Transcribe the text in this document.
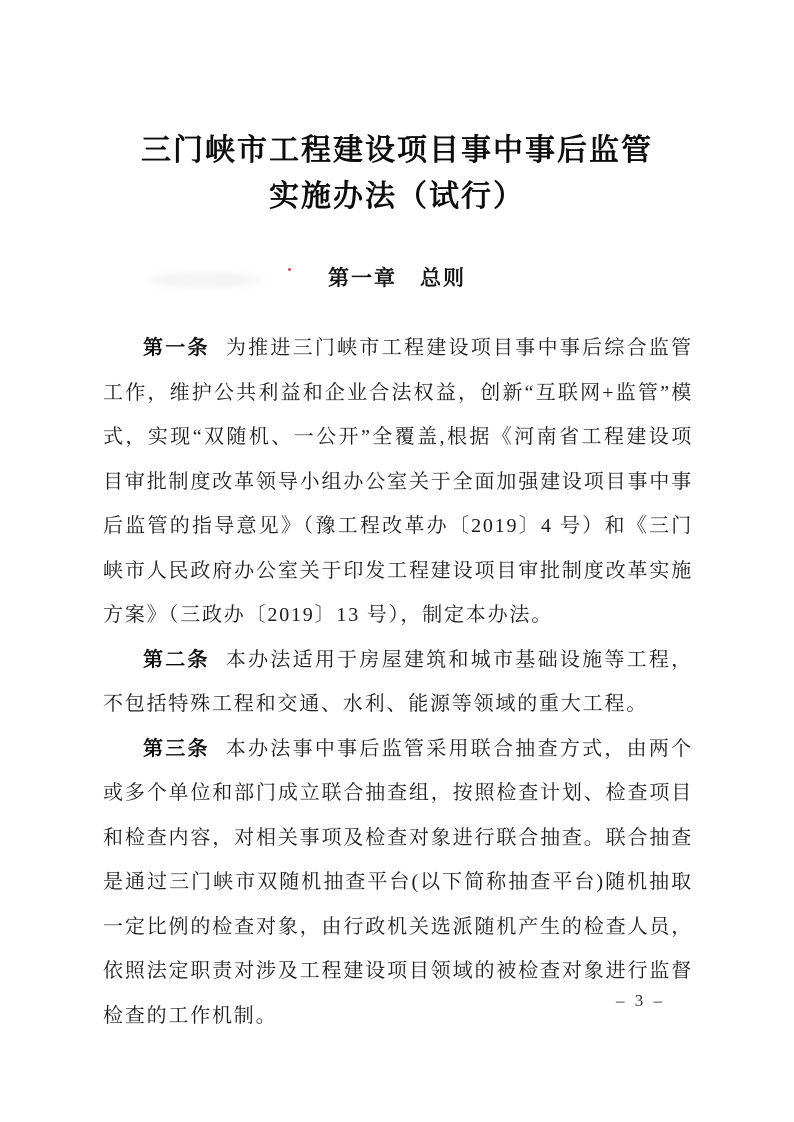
三门峡市工程建设项目事中事后监管
实施办法（试行）
第一章　总则

第一条 为推进三门峡市工程建设项目事中事后综合监管工作，维护公共利益和企业合法权益，创新“互联网+监管”模式，实现“双随机、一公开”全覆盖,根据《河南省工程建设项目审批制度改革领导小组办公室关于全面加强建设项目事中事后监管的指导意见》（豫工程改革办〔2019〕4 号）和《三门峡市人民政府办公室关于印发工程建设项目审批制度改革实施方案》（三政办〔2019〕13 号），制定本办法。

第二条 本办法适用于房屋建筑和城市基础设施等工程，不包括特殊工程和交通、水利、能源等领域的重大工程。

第三条 本办法事中事后监管采用联合抽查方式，由两个或多个单位和部门成立联合抽查组，按照检查计划、检查项目和检查内容，对相关事项及检查对象进行联合抽查。联合抽查是通过三门峡市双随机抽查平台(以下简称抽查平台)随机抽取一定比例的检查对象，由行政机关选派随机产生的检查人员，依照法定职责对涉及工程建设项目领域的被检查对象进行监督检查的工作机制。

– 3 –
